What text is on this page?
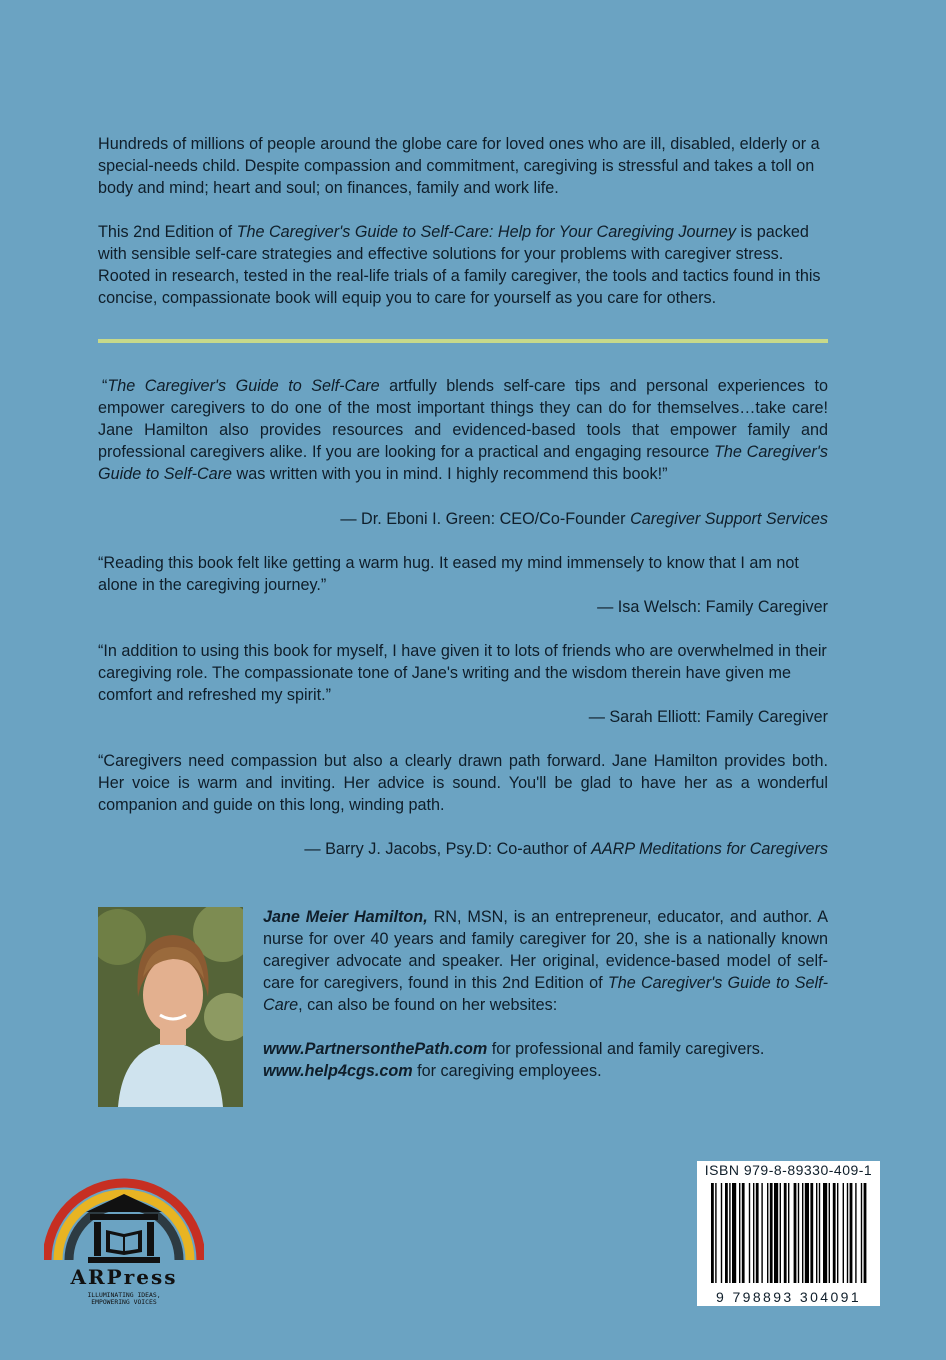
Hundreds of millions of people around the globe care for loved ones who are ill, disabled, elderly or a special-needs child. Despite compassion and commitment, caregiving is stressful and takes a toll on body and mind; heart and soul; on finances, family and work life.
This 2nd Edition of The Caregiver's Guide to Self-Care: Help for Your Caregiving Journey is packed with sensible self-care strategies and effective solutions for your problems with caregiver stress. Rooted in research, tested in the real-life trials of a family caregiver, the tools and tactics found in this concise, compassionate book will equip you to care for yourself as you care for others.
“The Caregiver's Guide to Self-Care artfully blends self-care tips and personal experiences to empower caregivers to do one of the most important things they can do for themselves…take care! Jane Hamilton also provides resources and evidenced-based tools that empower family and professional caregivers alike. If you are looking for a practical and engaging resource The Caregiver's Guide to Self-Care was written with you in mind. I highly recommend this book!”
— Dr. Eboni I. Green: CEO/Co-Founder Caregiver Support Services
“Reading this book felt like getting a warm hug. It eased my mind immensely to know that I am not alone in the caregiving journey.”
— Isa Welsch: Family Caregiver
“In addition to using this book for myself, I have given it to lots of friends who are overwhelmed in their caregiving role. The compassionate tone of Jane's writing and the wisdom therein have given me comfort and refreshed my spirit.”
— Sarah Elliott: Family Caregiver
“Caregivers need compassion but also a clearly drawn path forward. Jane Hamilton provides both. Her voice is warm and inviting. Her advice is sound. You'll be glad to have her as a wonderful companion and guide on this long, winding path.
— Barry J. Jacobs, Psy.D: Co-author of AARP Meditations for Caregivers
Jane Meier Hamilton, RN, MSN, is an entrepreneur, educator, and author. A nurse for over 40 years and family caregiver for 20, she is a nationally known caregiver advocate and speaker. Her original, evidence-based model of self-care for caregivers, found in this 2nd Edition of The Caregiver's Guide to Self-Care, can also be found on her websites:
www.PartnersonthePath.com for professional and family caregivers.
www.help4cgs.com for caregiving employees.
ARPress
ILLUMINATING IDEAS,
EMPOWERING VOICES
ISBN 979-8-89330-409-1
9 798893 304091
